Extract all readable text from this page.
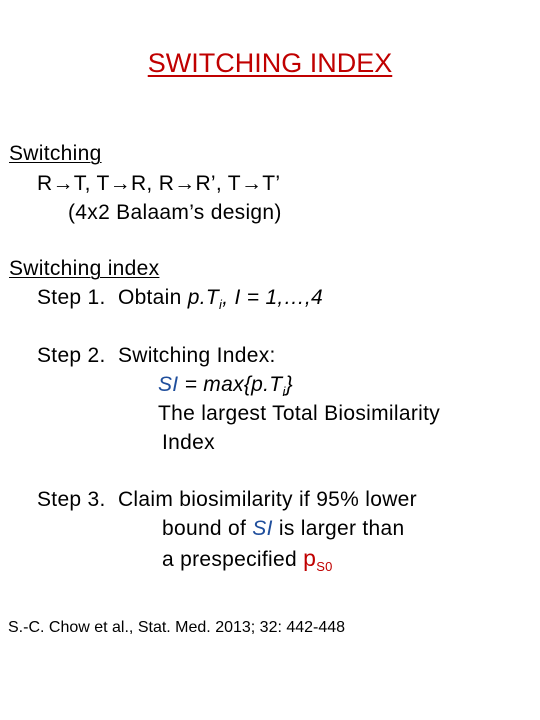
SWITCHING INDEX
Switching
R→T, T→R, R→R’, T→T’
(4x2 Balaam’s design)
Switching index
Step 1. Obtain $p.T_i$, I = 1,…,4
Step 2. Switching Index:
SI = $\max\{p.T_i\}$
The largest Total Biosimilarity
Index
Step 3. Claim biosimilarity if 95% lower
bound of SI is larger than
a prespecified $p_{S0}$
S.-C. Chow et al., Stat. Med. 2013; 32: 442-448
